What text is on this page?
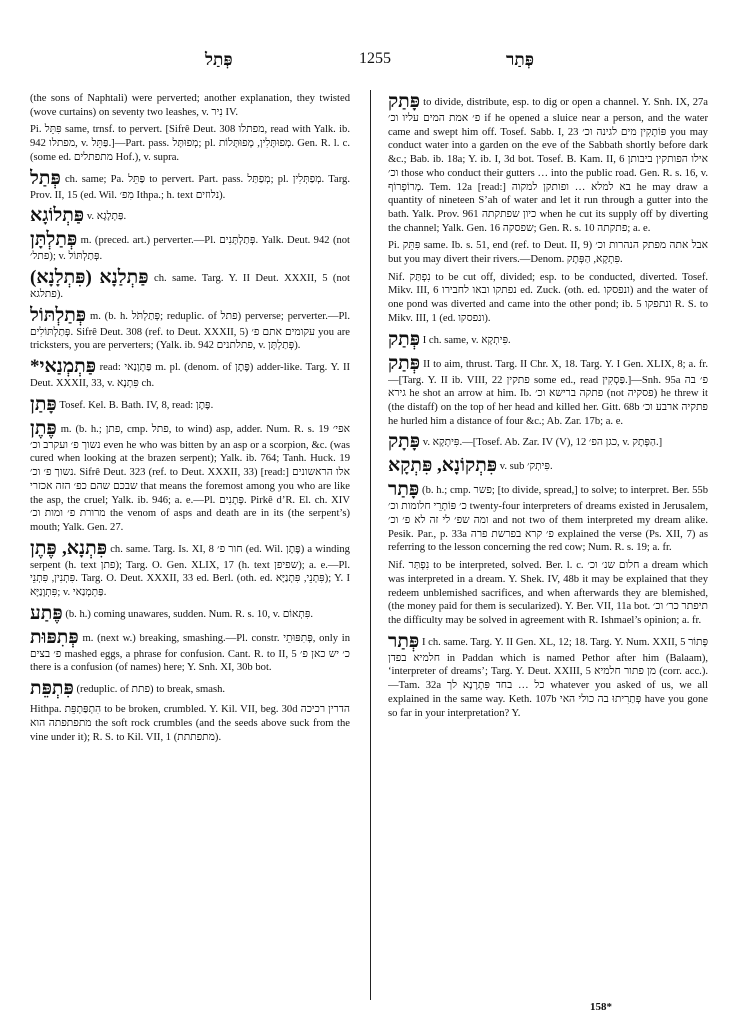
פְּתַל	1255	פְּתַר

(the sons of Naphtali) were perverted; another explanation, they twisted (wove curtains) on seventy two leashes, v. נִיר IV.

Pi. פִּתֵּל same, trnsf. to pervert. [Sifrê Deut. 308 מפתלו, read with Yalk. ib. 942 מפתלו, v. פַּתֵּל.]—Part. pass. מְפוּתָּל; pl. מְפוּתָּלִין, מְפוּתָּלוֹת. Gen. R. l. c. (some ed. מתפתלים Hof.), v. supra.

פְּתַל ch. same; Pa. פַּתֵּל to pervert. Part. pass. מְפַתַּל; pl. מְפַתְּלִין. Targ. Prov. II, 15 (ed. Wil. מִפ׳ Ithpa.; h. text נלוזים).

פַּתְלוֹגָא v. פַּתְלָגָא.

פְּתַלְתָּן m. (preced. art.) perverter.—Pl. פְּתַלְתָּנִים. Yalk. Deut. 942 (not פתל׳); v. פְּתַלְתּוֹל.

פַּתְלַנָא (פִּתְלָנָא) ch. same. Targ. Y. II Deut. XXXII, 5 (not פתלגא).

פְּתַלְתּוֹל m. (b. h. פְּתַלְתֹּל; reduplic. of פתל) perverse; perverter.—Pl. פְּתַלְתּוֹלִים. Sifrê Deut. 308 (ref. to Deut. XXXII, 5) עקומים אתם פ׳ you are tricksters, you are perverters; (Yalk. ib. 942 פתלתנים, v. פְּתַלְתָּן).

*פַּתְמְנַאי read: פַּתְוָנַאי m. pl. (denom. of פֶּתֶן) adder-like. Targ. Y. II Deut. XXXII, 33, v. פִּתְנָא ch.

פָּתַן Tosef. Kel. B. Bath. IV, 8, read: פֶּתֶן.

פֶּתֶן m. (b. h.; פתן, cmp. פתל, to wind) asp, adder. Num. R. s. 19 אפי׳ נשוך פ׳ ועקרב וכ׳ even he who was bitten by an asp or a scorpion, &c. (was cured when looking at the brazen serpent); Yalk. ib. 764; Tanh. Huck. 19 נשוך פ׳ וכ׳. Sifrê Deut. 323 (ref. to Deut. XXXII, 33) [read:] אלו הראשונים שבכם שהם כפ׳ הזה אכזרי that means the foremost among you who are like the asp, the cruel; Yalk. ib. 946; a. e.—Pl. פְּתָנִים. Pirkê d’R. El. ch. XIV מרורת פ׳ ומות וכ׳ the venom of asps and death are in its (the serpent’s) mouth; Yalk. Gen. 27.

פִּתְנָא, פֶּתֶן ch. same. Targ. Is. XI, 8 חור פ׳ (ed. Wil. פֶּתֶן) a winding serpent (h. text פתן); Targ. O. Gen. XLIX, 17 (h. text שפיפן); a. e.—Pl. פִּתְנִין, פִּתְנֵי. Targ. O. Deut. XXXII, 33 ed. Berl. (oth. ed. פִּתְנֵי, פִּתְנַיָּא); Y. I פִּתְוָנַיָּא; v. פַּתְמְנַאי.

פֶּתַע (b. h.) coming unawares, sudden. Num. R. s. 10, v. פִּתְאוֹם.

פְּתִפּוּת m. (next w.) breaking, smashing.—Pl. constr. פְּתִפּוּתֵי, only in פ׳ בצים mashed eggs, a phrase for confusion. Cant. R. to II, 5 כ׳ יש כאן פ׳ there is a confusion (of names) here; Y. Snh. XI, 30b bot.

פִּתְפֵּת (reduplic. of פתת) to break, smash.

Hithpa. הִתְפַּתְפֵּת to be broken, crumbled. Y. Kil. VII, beg. 30d הדרין רכיכה מתפתפתה הוא the soft rock crumbles (and the seeds above suck from the vine under it); R. S. to Kil. VII, 1 (מתפתתת).

פָּתַק to divide, distribute, esp. to dig or open a channel. Y. Snh. IX, 27a פ׳ אמת המים עליו וכ׳ if he opened a sluice near a person, and the water came and swept him off. Tosef. Sabb. I, 23 פּוֹתְקִין מים לגינה וכ׳ you may conduct water into a garden on the eve of the Sabbath shortly before dark &c.; Bab. ib. 18a; Y. ib. I, 3d bot. Tosef. B. Kam. II, 6 אילו הפותקין ביבותן וכ׳ those who conduct their gutters … into the public road. Gen. R. s. 16, v. מְרוֹפְרוֹף. Tem. 12a [read:] בא למלא … ופותקן למקוה he may draw a quantity of nineteen S’ah of water and let it run through a gutter into the bath. Yalk. Prov. 961 כיון שפתקתה when he cut its supply off by diverting the channel; Yalk. Gen. 16 שפסקה; Gen. R. s. 10 פתקתה; a. e.

Pi. פִּתֵּק same. Ib. s. 51, end (ref. to Deut. II, 9) אבל אתה מפתק הנהרות וכ׳ but you may divert their rivers.—Denom. פִּתְקָא, הַפְּתָק.

Nif. נִפְתַּק to be cut off, divided; esp. to be conducted, diverted. Tosef. Mikv. III, 6 נפתקו ובאו לחבירו ed. Zuck. (oth. ed. ונפסקו) and the water of one pond was diverted and came into the other pond; ib. 5 ונתפקו R. S. to Mikv. III, 1 (ed. ונפסקו).

פְּתַק I ch. same, v. פִּיתְקָא.

פְּתַק II to aim, thrust. Targ. II Chr. X, 18. Targ. Y. I Gen. XLIX, 8; a. fr.—[Targ. Y. II ib. VIII, 22 פתקין some ed., read פַּסְקִין.]—Snh. 95a פ׳ בה גירא he shot an arrow at him. Ib. פתקה ברישא וכ׳ (not פסקיה) he threw it (the distaff) on the top of her head and killed her. Gitt. 68b פתקיה ארבע וכ׳ he hurled him a distance of four &c.; Ab. Zar. 17b; a. e.

פָּתָק v. פִּיתְקָא.—[Tosef. Ab. Zar. IV (V), 12 כגן הפ׳, v. הַפְּתָק.]

פִּתְקוֹנָא, פִּתְקָא v. sub פִּיתְק׳.

פָּתַר (b. h.; cmp. פשר; [to divide, spread,] to solve; to interpret. Ber. 55b כ׳ פּוֹתְרֵי חלומות וכ׳ twenty-four interpreters of dreams existed in Jerusalem, ומה שפ׳ לי זה לא פ׳ וכ׳ and not two of them interpreted my dream alike. Pesik. Par., p. 33a פ׳ קרא בפרשת פרה explained the verse (Ps. XII, 7) as referring to the lesson concerning the red cow; Num. R. s. 19; a. fr.

Nif. נִפְתַּר to be interpreted, solved. Ber. l. c. חלום שנ׳ וכ׳ a dream which was interpreted in a dream. Y. Shek. IV, 48b it may be explained that they redeem unblemished sacrifices, and when afterwards they are blemished, (the money paid for them is secularized). Y. Ber. VII, 11a bot. תיפתר כר׳ וכ׳ the difficulty may be solved in agreement with R. Ishmael’s opinion; a. fr.

פְּתַר I ch. same. Targ. Y. II Gen. XL, 12; 18. Targ. Y. Num. XXII, 5 פְּתוֹר חלמיא בפדן in Paddan which is named Pethor after him (Balaam), ‘interpreter of dreams’; Targ. Y. Deut. XXIII, 5 מן פתור חלמיא (corr. acc.).—Tam. 32a כל … בחד פִּתְרָנָא לך whatever you asked of us, we all explained in the same way. Keth. 107b פְּתַרִיתוּ בה כולי האי have you gone so far in your interpretation? Y.

158*
